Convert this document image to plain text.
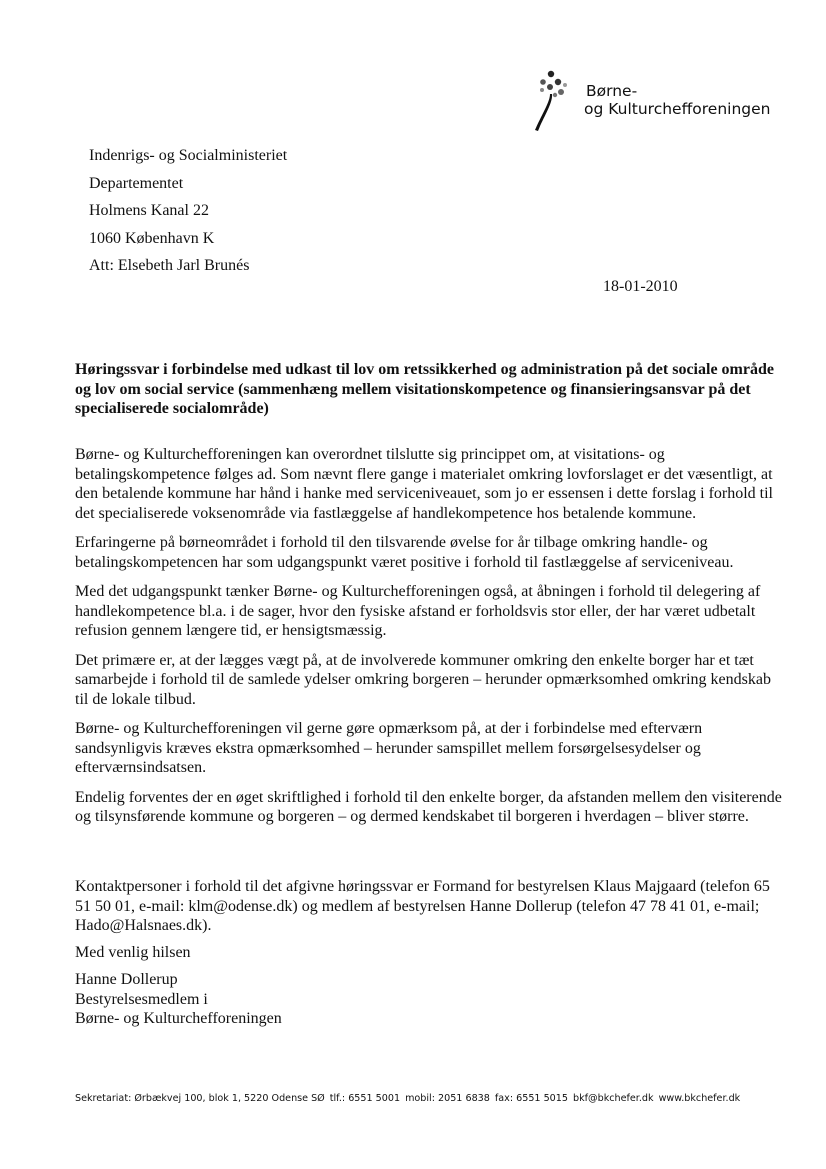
Børne-
og Kulturchefforeningen
Indenrigs- og Socialministeriet
Departementet
Holmens Kanal 22
1060 København K
Att: Elsebeth Jarl Brunés
18-01-2010
Høringssvar i forbindelse med udkast til lov om retssikkerhed og administration på det sociale område og lov om social service (sammenhæng mellem visitationskompetence og finansieringsansvar på det specialiserede socialområde)

Børne- og Kulturchefforeningen kan overordnet tilslutte sig princippet om, at visitations- og betalingskompetence følges ad. Som nævnt flere gange i materialet omkring lovforslaget er det væsentligt, at den betalende kommune har hånd i hanke med serviceniveauet, som jo er essensen i dette forslag i forhold til det specialiserede voksenområde via fastlæggelse af handlekompetence hos betalende kommune.

Erfaringerne på børneområdet i forhold til den tilsvarende øvelse for år tilbage omkring handle- og betalingskompetencen har som udgangspunkt været positive i forhold til fastlæggelse af serviceniveau.

Med det udgangspunkt tænker Børne- og Kulturchefforeningen også, at åbningen i forhold til delegering af handlekompetence bl.a. i de sager, hvor den fysiske afstand er forholdsvis stor eller, der har været udbetalt refusion gennem længere tid, er hensigtsmæssig.

Det primære er, at der lægges vægt på, at de involverede kommuner omkring den enkelte borger har et tæt samarbejde i forhold til de samlede ydelser omkring borgeren – herunder opmærksomhed omkring kendskab til de lokale tilbud.

Børne- og Kulturchefforeningen vil gerne gøre opmærksom på, at der i forbindelse med efterværn sandsynligvis kræves ekstra opmærksomhed – herunder samspillet mellem forsørgelsesydelser og efterværnsindsatsen.

Endelig forventes der en øget skriftlighed i forhold til den enkelte borger, da afstanden mellem den visiterende og tilsynsførende kommune og borgeren – og dermed kendskabet til borgeren i hverdagen – bliver større.

Kontaktpersoner i forhold til det afgivne høringssvar er Formand for bestyrelsen Klaus Majgaard (telefon 65 51 50 01, e-mail: klm@odense.dk) og medlem af bestyrelsen Hanne Dollerup (telefon 47 78 41 01, e-mail; Hado@Halsnaes.dk).

Med venlig hilsen
Hanne Dollerup
Bestyrelsesmedlem i
Børne- og Kulturchefforeningen
Sekretariat: Ørbækvej 100, blok 1, 5220 Odense SØ tlf.: 6551 5001 mobil: 2051 6838 fax: 6551 5015 bkf@bkchefer.dk www.bkchefer.dk
